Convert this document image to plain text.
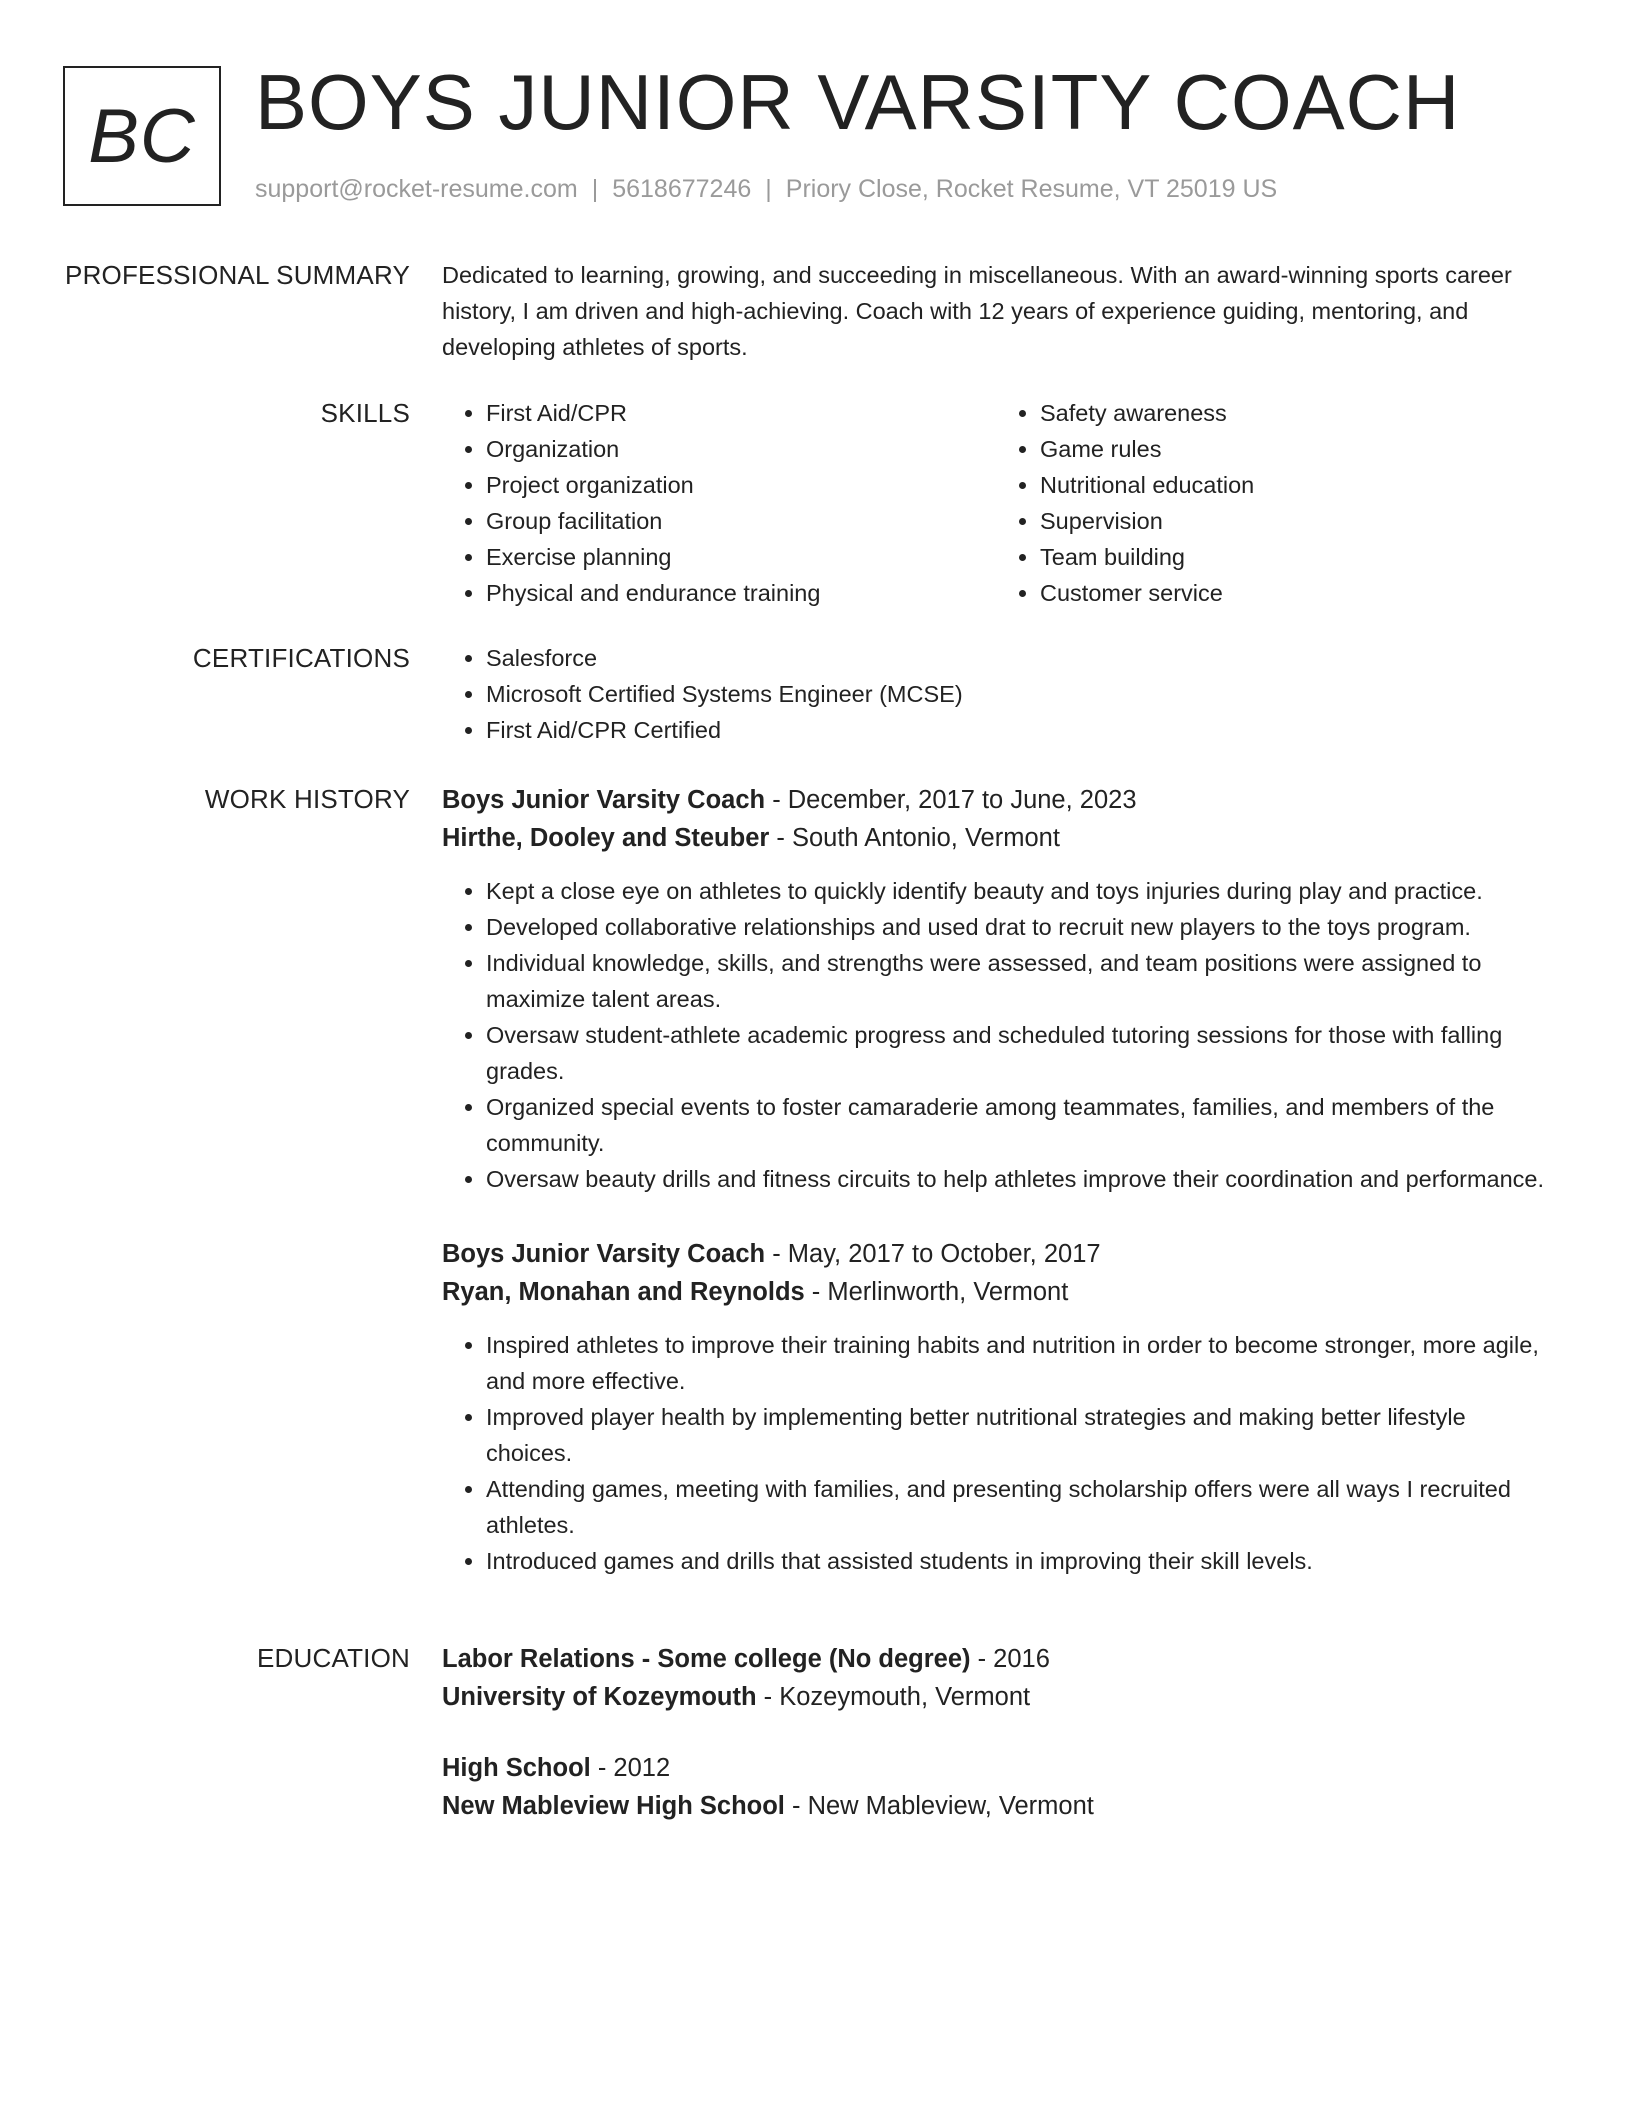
BC BOYS JUNIOR VARSITY COACH
support@rocket-resume.com | 5618677246 | Priory Close, Rocket Resume, VT 25019 US
PROFESSIONAL SUMMARY Dedicated to learning, growing, and succeeding in miscellaneous. With an award-winning sports career history, I am driven and high-achieving. Coach with 12 years of experience guiding, mentoring, and developing athletes of sports.

SKILLS	• First Aid/CPR
• Organization
• Project organization
• Group facilitation
• Exercise planning
• Physical and endurance training
• Safety awareness
• Game rules
• Nutritional education
• Supervision
• Team building
• Customer service
CERTIFICATIONS	• Salesforce
• Microsoft Certified Systems Engineer (MCSE)
• First Aid/CPR Certified
WORK HISTORY Boys Junior Varsity Coach - December, 2017 to June, 2023
Hirthe, Dooley and Steuber - South Antonio, Vermont
• Kept a close eye on athletes to quickly identify beauty and toys injuries during play and practice.
• Developed collaborative relationships and used drat to recruit new players to the toys program.
• Individual knowledge, skills, and strengths were assessed, and team positions were assigned to maximize talent areas.
• Oversaw student-athlete academic progress and scheduled tutoring sessions for those with falling grades.
• Organized special events to foster camaraderie among teammates, families, and members of the community.
• Oversaw beauty drills and fitness circuits to help athletes improve their coordination and performance.
Boys Junior Varsity Coach - May, 2017 to October, 2017
Ryan, Monahan and Reynolds - Merlinworth, Vermont
• Inspired athletes to improve their training habits and nutrition in order to become stronger, more agile, and more effective.
• Improved player health by implementing better nutritional strategies and making better lifestyle choices.
• Attending games, meeting with families, and presenting scholarship offers were all ways I recruited athletes.
• Introduced games and drills that assisted students in improving their skill levels.
EDUCATION Labor Relations - Some college (No degree) - 2016
University of Kozeymouth - Kozeymouth, Vermont
High School - 2012
New Mableview High School - New Mableview, Vermont
